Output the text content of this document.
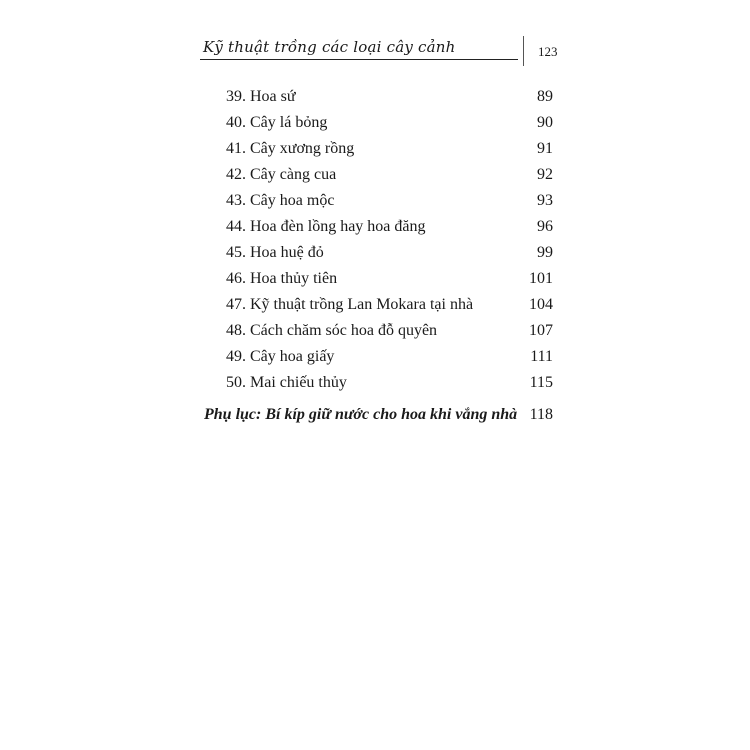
Kỹ thuật trồng các loại cây cảnh	123
39. Hoa sứ	89
40. Cây lá bỏng	90
41. Cây xương rồng	91
42. Cây càng cua	92
43. Cây hoa mộc	93
44. Hoa đèn lồng hay hoa đăng	96
45. Hoa huệ đỏ	99
46. Hoa thủy tiên	101
47. Kỹ thuật trồng Lan Mokara tại nhà	104
48. Cách chăm sóc hoa đỗ quyên	107
49. Cây hoa giấy	111
50. Mai chiếu thủy	115
Phụ lục: Bí kíp giữ nước cho hoa khi vắng nhà 118
